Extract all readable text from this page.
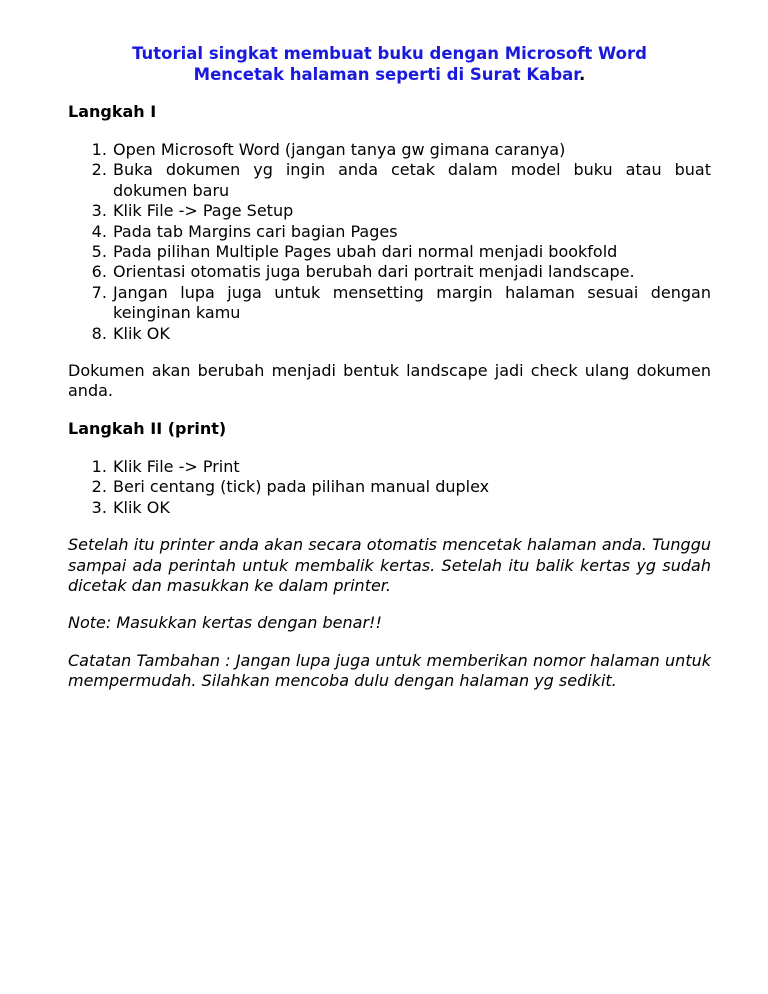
Tutorial singkat membuat buku dengan Microsoft Word
Mencetak halaman seperti di Surat Kabar.
Langkah I
1. Open Microsoft Word (jangan tanya gw gimana caranya)
2. Buka dokumen yg ingin anda cetak dalam model buku atau buat dokumen baru
3. Klik File -> Page Setup
4. Pada tab Margins cari bagian Pages
5. Pada pilihan Multiple Pages ubah dari normal menjadi bookfold
6. Orientasi otomatis juga berubah dari portrait menjadi landscape.
7. Jangan lupa juga untuk mensetting margin halaman sesuai dengan keinginan kamu
8. Klik OK

Dokumen akan berubah menjadi bentuk landscape jadi check ulang dokumen anda.

Langkah II (print)
1. Klik File -> Print
2. Beri centang (tick) pada pilihan manual duplex
3. Klik OK

Setelah itu printer anda akan secara otomatis mencetak halaman anda. Tunggu sampai ada perintah untuk membalik kertas. Setelah itu balik kertas yg sudah dicetak dan masukkan ke dalam printer.

Note: Masukkan kertas dengan benar!!

Catatan Tambahan : Jangan lupa juga untuk memberikan nomor halaman untuk mempermudah. Silahkan mencoba dulu dengan halaman yg sedikit.
